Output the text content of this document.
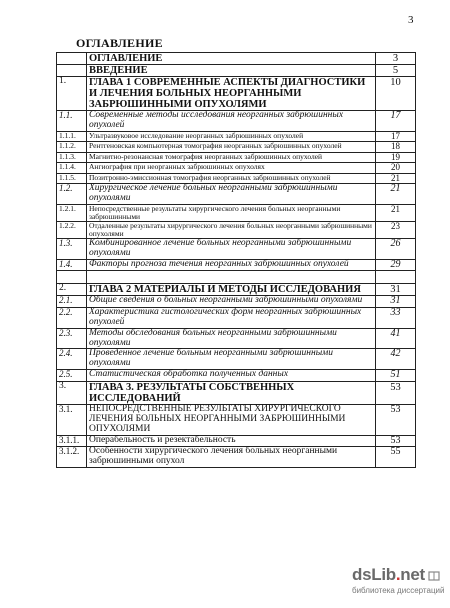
3
ОГЛАВЛЕНИЕ
	ОГЛАВЛЕНИЕ	3
	ВВЕДЕНИЕ	5
1.	ГЛАВА 1 СОВРЕМЕННЫЕ АСПЕКТЫ ДИАГНОСТИКИ И ЛЕЧЕНИЯ БОЛЬНЫХ НЕОРГАННЫМИ ЗАБРЮШИННЫМИ ОПУХОЛЯМИ	10
1.1.	Современные методы исследования неорганных забрюшинных опухолей	17
1.1.1.	Ультразвуковое исследование неорганных забрюшинных опухолей	17
1.1.2.	Рентгеновская компьютерная томография неорганных забрюшинных опухолей	18
1.1.3.	Магнитно-резонансная томография неорганных забрюшинных опухолей	19
1.1.4.	Ангиография при неорганных забрюшинных опухолях	20
1.1.5.	Позитронно-эмиссионная томография неорганных забрюшинных опухолей	21
1.2.	Хирургическое лечение больных неорганными забрюшинными опухолями	21
1.2.1.	Непосредственные результаты хирургического лечения больных неорганными забрюшинными	21
1.2.2.	Отдаленные результаты хирургического лечения больных неорганными забрюшинными опухолями	23
1.3.	Комбинированное лечение больных неорганными забрюшинными опухолями	26
1.4.	Факторы прогноза течения неорганных забрюшинных опухолей	29

2.	ГЛАВА 2 МАТЕРИАЛЫ И МЕТОДЫ ИССЛЕДОВАНИЯ	31
2.1.	Общие сведения о больных неорганными забрюшинными опухолями	31
2.2.	Характеристика гистологических форм неорганных забрюшинных опухолей	33
2.3.	Методы обследования больных неорганными забрюшинными опухолями	41
2.4.	Проведенное лечение больным неорганными забрюшинными опухолями	42
2.5.	Статистическая обработка полученных данных	51
3.	ГЛАВА 3. РЕЗУЛЬТАТЫ СОБСТВЕННЫХ ИССЛЕДОВАНИЙ	53
3.1.	НЕПОСРЕДСТВЕННЫЕ РЕЗУЛЬТАТЫ ХИРУРГИЧЕСКОГО ЛЕЧЕНИЯ БОЛЬНЫХ НЕОРГАННЫМИ ЗАБРЮШИННЫМИ ОПУХОЛЯМИ	53
3.1.1.	Операбельность и резектабельность	53
3.1.2.	Особенности хирургического лечения больных неорганными забрюшинными опухол	55
dsLib.net
библиотека диссертаций
